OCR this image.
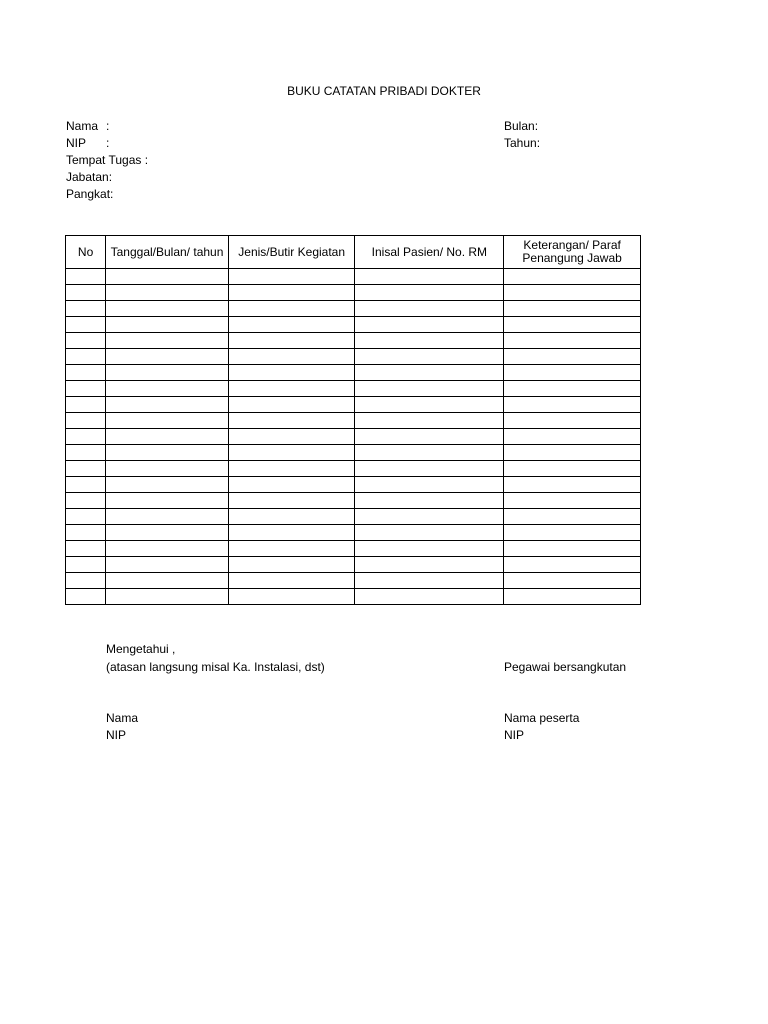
BUKU CATATAN PRIBADI DOKTER
Nama :
NIP :
Tempat Tugas :
Jabatan:
Pangkat:
Bulan:
Tahun:
No	Tanggal/Bulan/ tahun	Jenis/Butir Kegiatan	Inisal Pasien/ No. RM	Keterangan/ Paraf Penangung Jawab

Mengetahui ,
(atasan langsung misal Ka. Instalasi, dst)	Pegawai bersangkutan
Nama
NIP
Nama peserta
NIP
